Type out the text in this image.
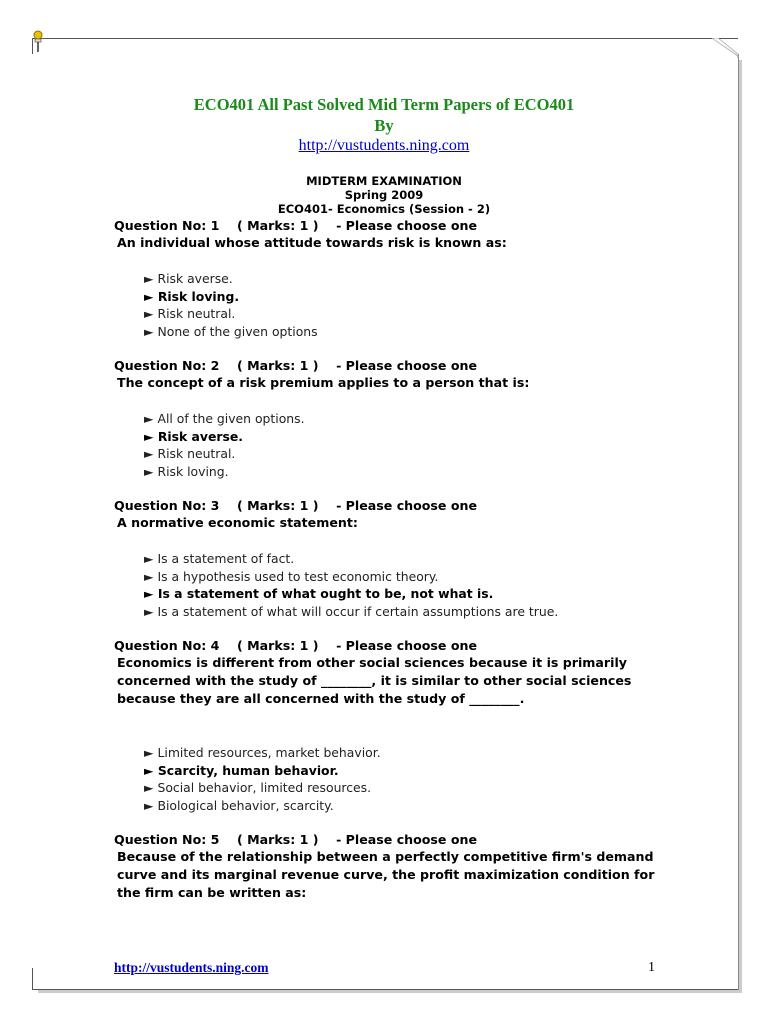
ECO401 All Past Solved Mid Term Papers of ECO401
By
http://vustudents.ning.com
MIDTERM EXAMINATION
Spring 2009
ECO401- Economics (Session - 2)
Question No: 1    ( Marks: 1 )    - Please choose one
An individual whose attitude towards risk is known as:
► Risk averse.
► Risk loving.
► Risk neutral.
► None of the given options
Question No: 2    ( Marks: 1 )    - Please choose one
The concept of a risk premium applies to a person that is:
► All of the given options.
► Risk averse.
► Risk neutral.
► Risk loving.
Question No: 3    ( Marks: 1 )    - Please choose one
A normative economic statement:
► Is a statement of fact.
► Is a hypothesis used to test economic theory.
► Is a statement of what ought to be, not what is.
► Is a statement of what will occur if certain assumptions are true.
Question No: 4    ( Marks: 1 )    - Please choose one
Economics is different from other social sciences because it is primarily concerned with the study of ________, it is similar to other social sciences because they are all concerned with the study of ________.
► Limited resources, market behavior.
► Scarcity, human behavior.
► Social behavior, limited resources.
► Biological behavior, scarcity.
Question No: 5    ( Marks: 1 )    - Please choose one
Because of the relationship between a perfectly competitive firm's demand curve and its marginal revenue curve, the profit maximization condition for the firm can be written as:
http://vustudents.ning.com	1
